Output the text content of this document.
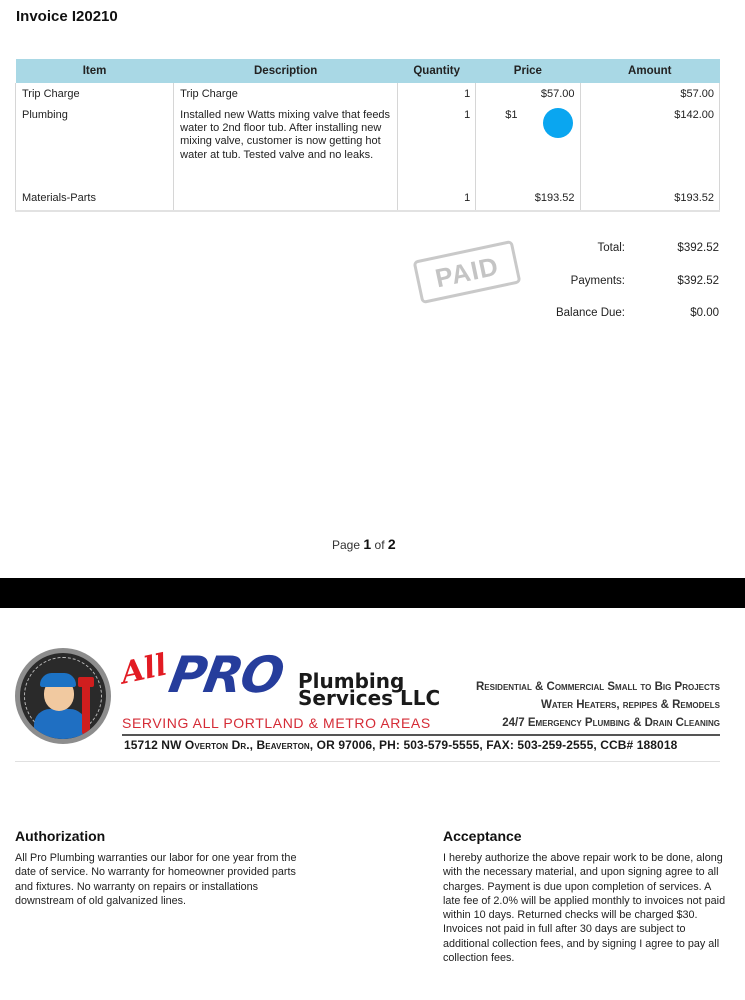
Invoice I20210
Item	Description	Quantity	Price	Amount
Trip Charge	Trip Charge	1	$57.00	$57.00
Plumbing	Installed new Watts mixing valve that feeds water to 2nd floor tub. After installing new mixing valve, customer is now getting hot water at tub. Tested valve and no leaks.	1	$1	$142.00
Materials-Parts		1	$193.52	$193.52
PAID
Total:	$392.52
Payments:	$392.52
Balance Due:	$0.00
Page 1 of 2
All
PRO Plumbing
Services LLC
SERVING ALL PORTLAND & METRO AREAS
Residential & Commercial Small to Big Projects
Water Heaters, repipes & Remodels
24/7 Emergency Plumbing & Drain Cleaning
15712 NW Overton Dr., Beaverton, OR 97006, PH: 503-579-5555, FAX: 503-259-2555, CCB# 188018
Authorization
All Pro Plumbing warranties our labor for one year from the date of service. No warranty for homeowner provided parts and fixtures. No warranty on repairs or installations downstream of old galvanized lines.
Acceptance
I hereby authorize the above repair work to be done, along with the necessary material, and upon signing agree to all charges. Payment is due upon completion of services. A late fee of 2.0% will be applied monthly to invoices not paid within 10 days. Returned checks will be charged $30. Invoices not paid in full after 30 days are subject to additional collection fees, and by signing I agree to pay all collection fees.
